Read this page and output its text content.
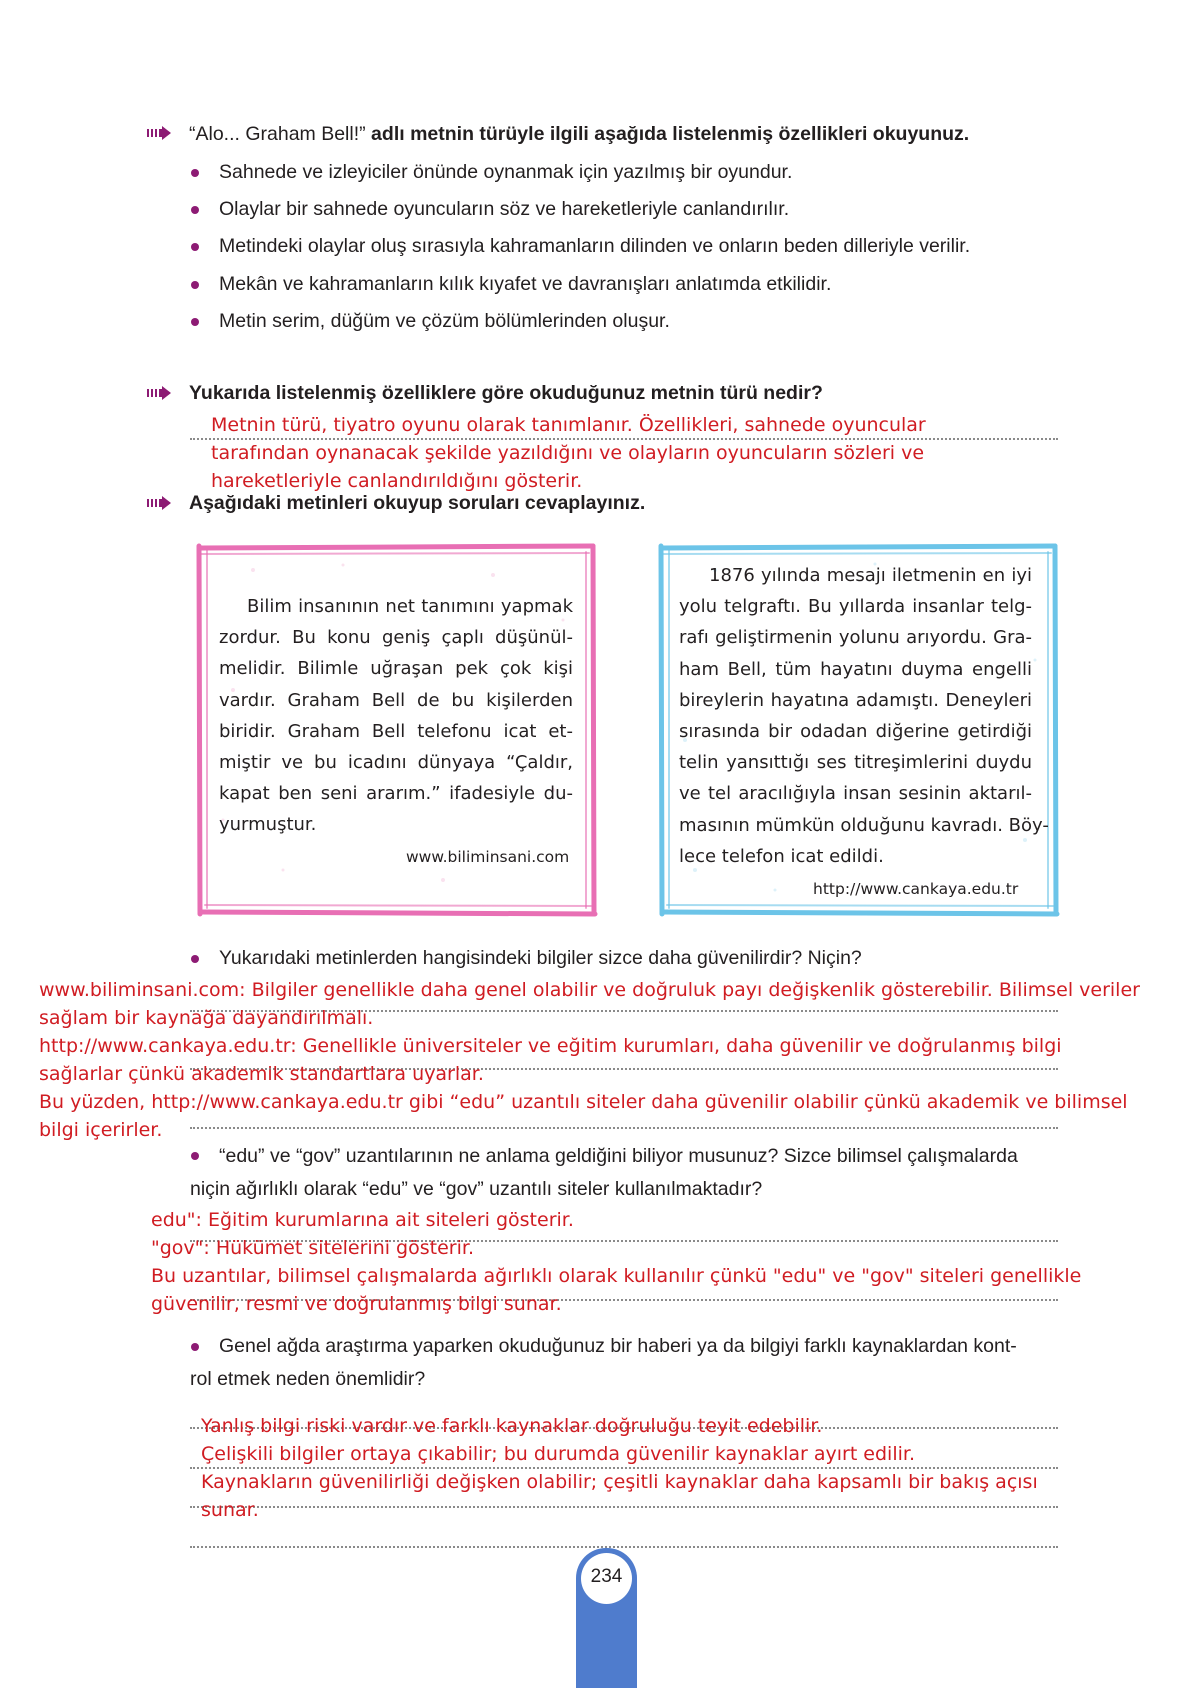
“Alo... Graham Bell!” adlı metnin türüyle ilgili aşağıda listelenmiş özellikleri okuyunuz.
Sahnede ve izleyiciler önünde oynanmak için yazılmış bir oyundur.
Olaylar bir sahnede oyuncuların söz ve hareketleriyle canlandırılır.
Metindeki olaylar oluş sırasıyla kahramanların dilinden ve onların beden dilleriyle verilir.
Mekân ve kahramanların kılık kıyafet ve davranışları anlatımda etkilidir.
Metin serim, düğüm ve çözüm bölümlerinden oluşur.
Yukarıda listelenmiş özelliklere göre okuduğunuz metnin türü nedir?
Metnin türü, tiyatro oyunu olarak tanımlanır. Özellikleri, sahnede oyuncular
tarafından oynanacak şekilde yazıldığını ve olayların oyuncuların sözleri ve
hareketleriyle canlandırıldığını gösterir.
Aşağıdaki metinleri okuyup soruları cevaplayınız.
Bilim insanının net tanımını yapmak
zordur. Bu konu geniş çaplı düşünül-
melidir. Bilimle uğraşan pek çok kişi
vardır. Graham Bell de bu kişilerden
biridir. Graham Bell telefonu icat et-
miştir ve bu icadını dünyaya “Çaldır,
kapat ben seni ararım.” ifadesiyle du-
yurmuştur.
www.biliminsani.com
1876 yılında mesajı iletmenin en iyi
yolu telgraftı. Bu yıllarda insanlar telg-
rafı geliştirmenin yolunu arıyordu. Gra-
ham Bell, tüm hayatını duyma engelli
bireylerin hayatına adamıştı. Deneyleri
sırasında bir odadan diğerine getirdiği
telin yansıttığı ses titreşimlerini duydu
ve tel aracılığıyla insan sesinin aktarıl-
masının mümkün olduğunu kavradı. Böy-
lece telefon icat edildi.
http://www.cankaya.edu.tr
Yukarıdaki metinlerden hangisindeki bilgiler sizce daha güvenilirdir? Niçin?
www.biliminsani.com: Bilgiler genellikle daha genel olabilir ve doğruluk payı değişkenlik gösterebilir. Bilimsel veriler
sağlam bir kaynağa dayandırılmalı.
http://www.cankaya.edu.tr: Genellikle üniversiteler ve eğitim kurumları, daha güvenilir ve doğrulanmış bilgi
sağlarlar çünkü akademik standartlara uyarlar.
Bu yüzden, http://www.cankaya.edu.tr gibi “edu” uzantılı siteler daha güvenilir olabilir çünkü akademik ve bilimsel
bilgi içerirler.
“edu” ve “gov” uzantılarının ne anlama geldiğini biliyor musunuz? Sizce bilimsel çalışmalarda
niçin ağırlıklı olarak “edu” ve “gov” uzantılı siteler kullanılmaktadır?
edu": Eğitim kurumlarına ait siteleri gösterir.
"gov": Hükümet sitelerini gösterir.
Bu uzantılar, bilimsel çalışmalarda ağırlıklı olarak kullanılır çünkü "edu" ve "gov" siteleri genellikle
güvenilir, resmi ve doğrulanmış bilgi sunar.
Genel ağda araştırma yaparken okuduğunuz bir haberi ya da bilgiyi farklı kaynaklardan kont-
rol etmek neden önemlidir?
Yanlış bilgi riski vardır ve farklı kaynaklar doğruluğu teyit edebilir.
Çelişkili bilgiler ortaya çıkabilir; bu durumda güvenilir kaynaklar ayırt edilir.
Kaynakların güvenilirliği değişken olabilir; çeşitli kaynaklar daha kapsamlı bir bakış açısı
sunar.
234
